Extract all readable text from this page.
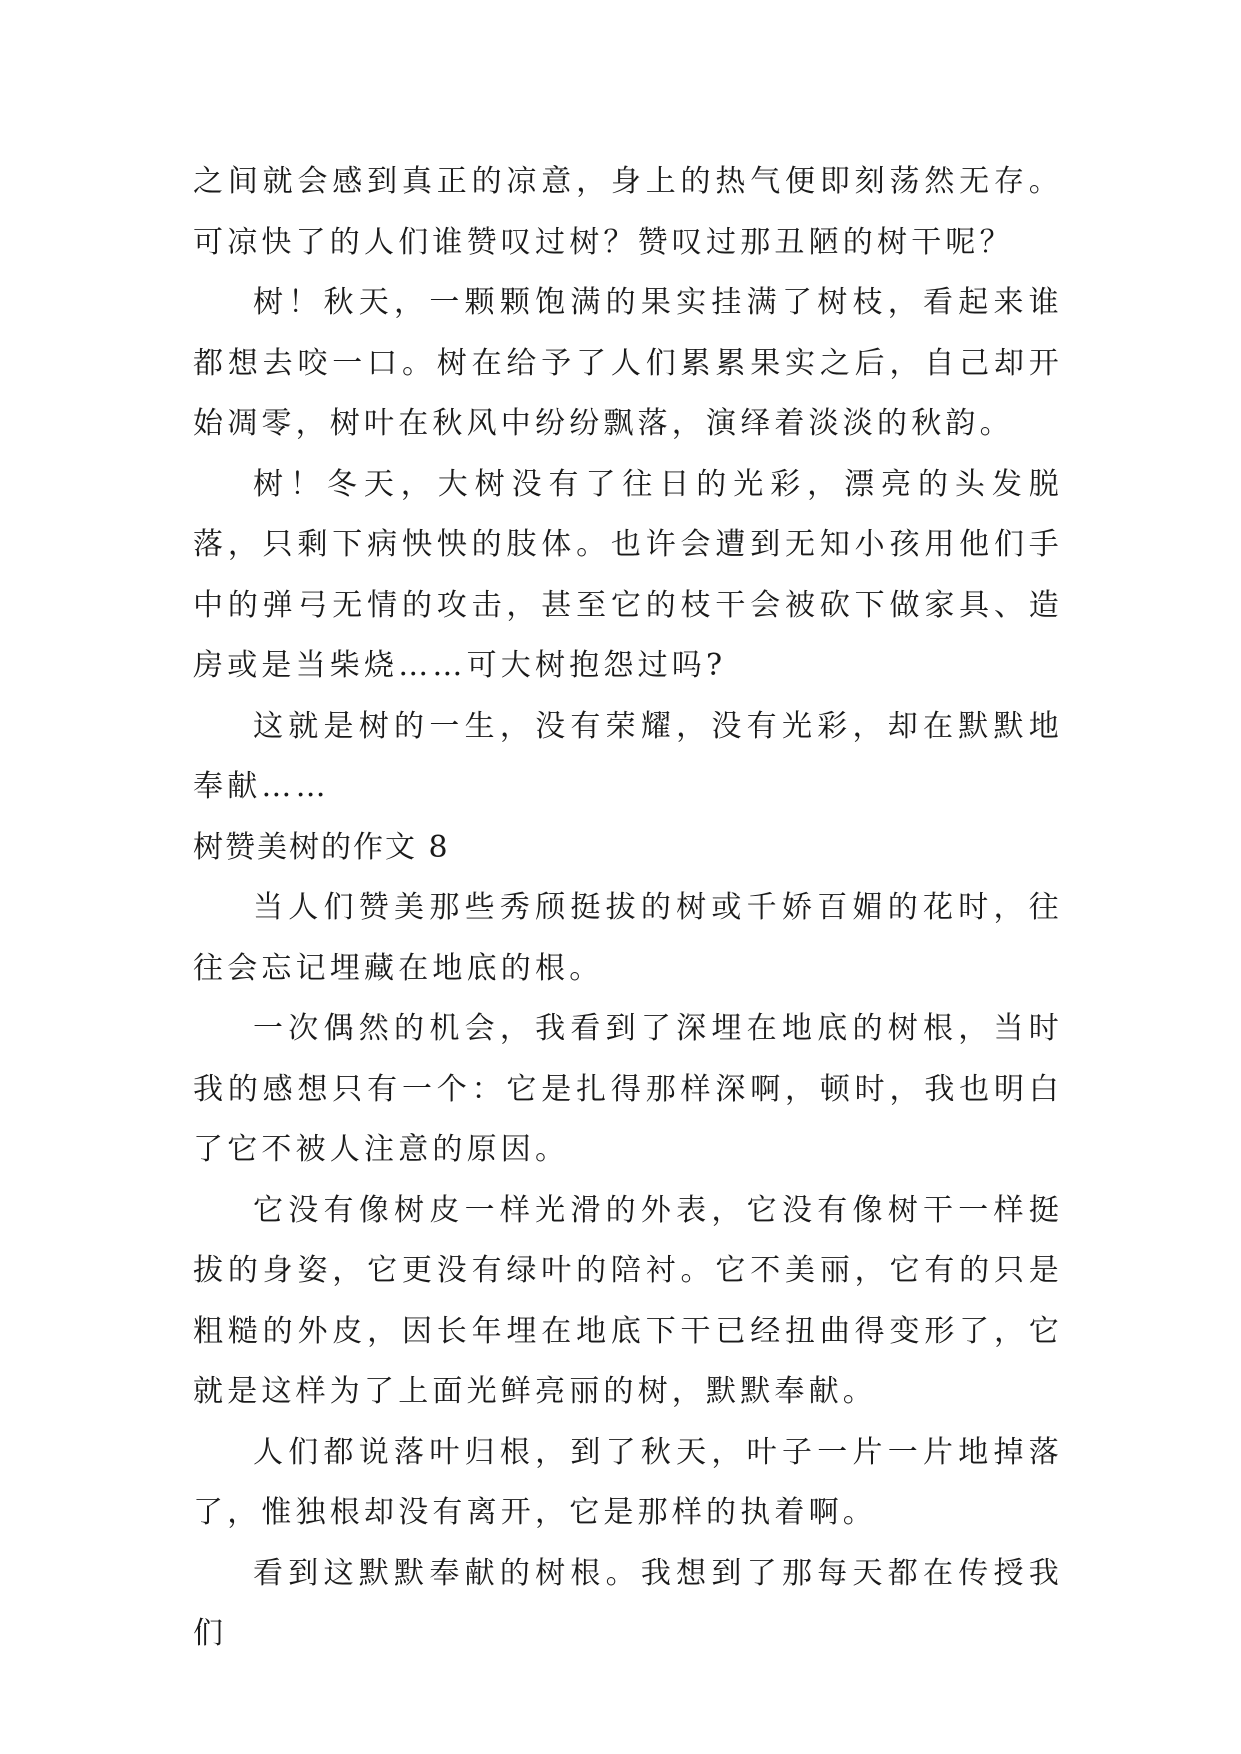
之间就会感到真正的凉意，身上的热气便即刻荡然无存。可凉快了的人们谁赞叹过树？赞叹过那丑陋的树干呢？

树！秋天，一颗颗饱满的果实挂满了树枝，看起来谁都想去咬一口。树在给予了人们累累果实之后，自己却开始凋零，树叶在秋风中纷纷飘落，演绎着淡淡的秋韵。

树！冬天，大树没有了往日的光彩，漂亮的头发脱落，只剩下病怏怏的肢体。也许会遭到无知小孩用他们手中的弹弓无情的攻击，甚至它的枝干会被砍下做家具、造房或是当柴烧……可大树抱怨过吗?

这就是树的一生，没有荣耀，没有光彩，却在默默地奉献……

树赞美树的作文 8

当人们赞美那些秀颀挺拔的树或千娇百媚的花时，往往会忘记埋藏在地底的根。

一次偶然的机会，我看到了深埋在地底的树根，当时我的感想只有一个：它是扎得那样深啊，顿时，我也明白了它不被人注意的原因。

它没有像树皮一样光滑的外表，它没有像树干一样挺拔的身姿，它更没有绿叶的陪衬。它不美丽，它有的只是粗糙的外皮，因长年埋在地底下干已经扭曲得变形了，它就是这样为了上面光鲜亮丽的树，默默奉献。

人们都说落叶归根，到了秋天，叶子一片一片地掉落了，惟独根却没有离开，它是那样的执着啊。

看到这默默奉献的树根。我想到了那每天都在传授我们
